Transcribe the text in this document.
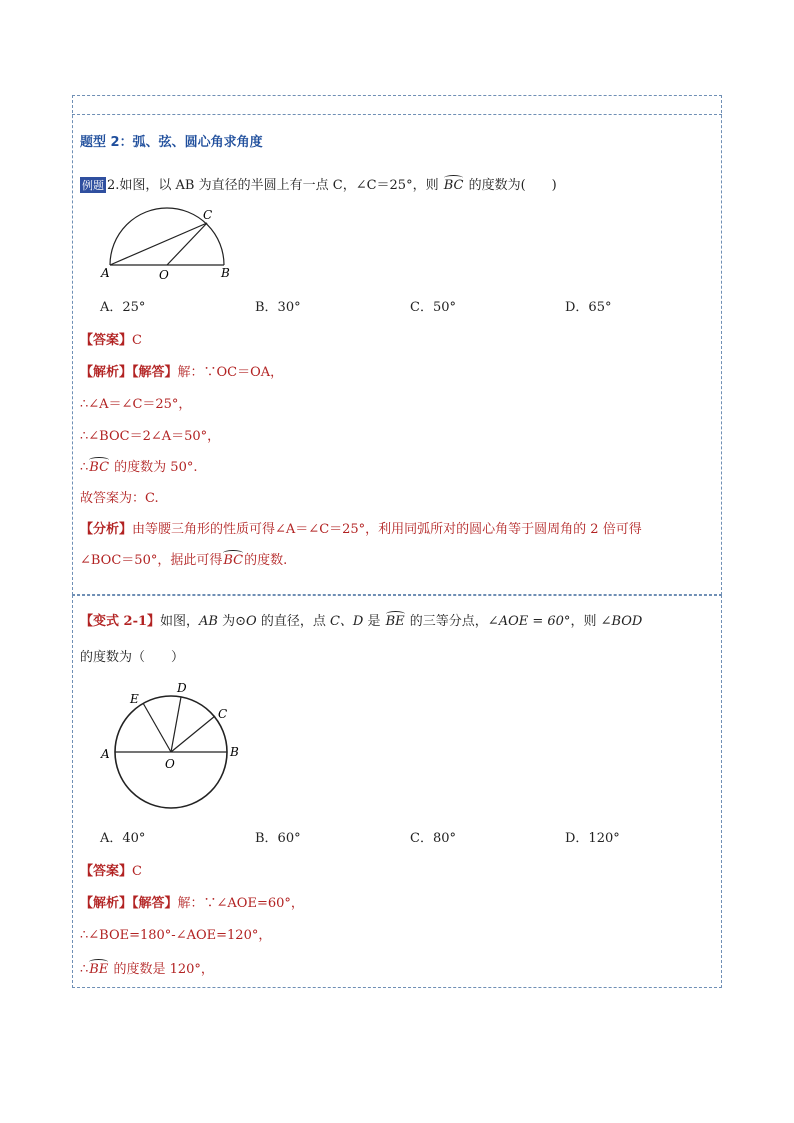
题型 2：弧、弦、圆心角求角度
例题 2.如图，以 AB 为直径的半圆上有一点 C，∠C＝25°，则 BC 的度数为(　　)
A	O	B
C
A．25°	B．30°	C．50°	D．65°
【答案】C
【解析】【解答】解：∵OC＝OA，
∴∠A＝∠C＝25°，
∴∠BOC＝2∠A＝50°，
∴BC 的度数为 50°.
故答案为：C.
【分析】由等腰三角形的性质可得∠A＝∠C＝25°，利用同弧所对的圆心角等于圆周角的 2 倍可得
∠BOC＝50°，据此可得BC的度数.
【变式 2-1】如图，AB 为⊙O 的直径，点 C、D 是 BE 的三等分点，∠AOE = 60°，则 ∠BOD
的度数为（　　）
A
O
B
C
D
E
A．40°	B．60°	C．80°	D．120°
【答案】C
【解析】【解答】解：∵∠AOE=60°，
∴∠BOE=180°-∠AOE=120°，
∴BE 的度数是 120°，
